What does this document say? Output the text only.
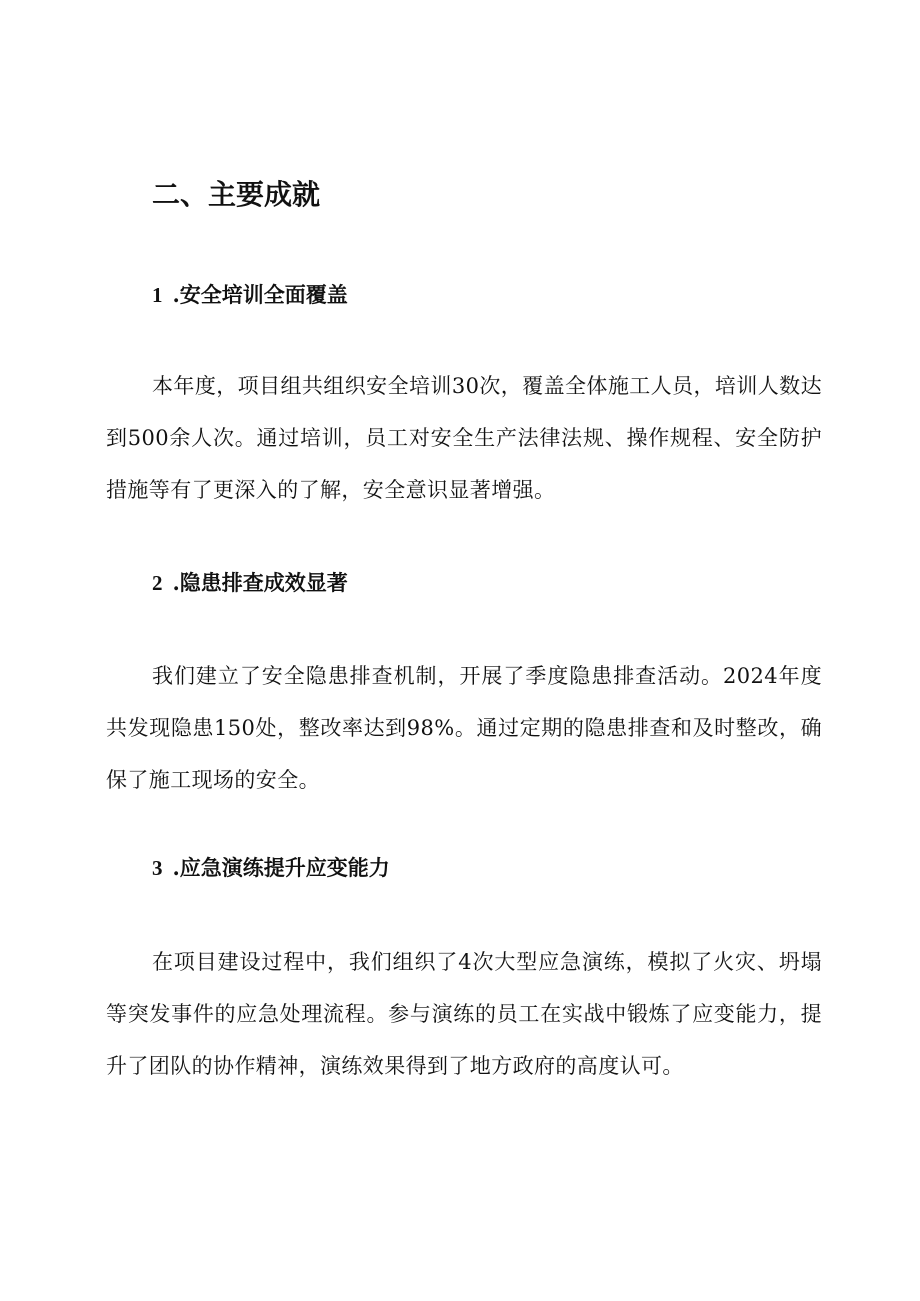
二、主要成就

1 .安全培训全面覆盖

本年度，项目组共组织安全培训30次，覆盖全体施工人员，培训人数达到500余人次。通过培训，员工对安全生产法律法规、操作规程、安全防护措施等有了更深入的了解，安全意识显著增强。

2 .隐患排查成效显著

我们建立了安全隐患排查机制，开展了季度隐患排查活动。2024年度共发现隐患150处，整改率达到98%。通过定期的隐患排查和及时整改，确保了施工现场的安全。

3 .应急演练提升应变能力

在项目建设过程中，我们组织了4次大型应急演练，模拟了火灾、坍塌等突发事件的应急处理流程。参与演练的员工在实战中锻炼了应变能力，提升了团队的协作精神，演练效果得到了地方政府的高度认可。
